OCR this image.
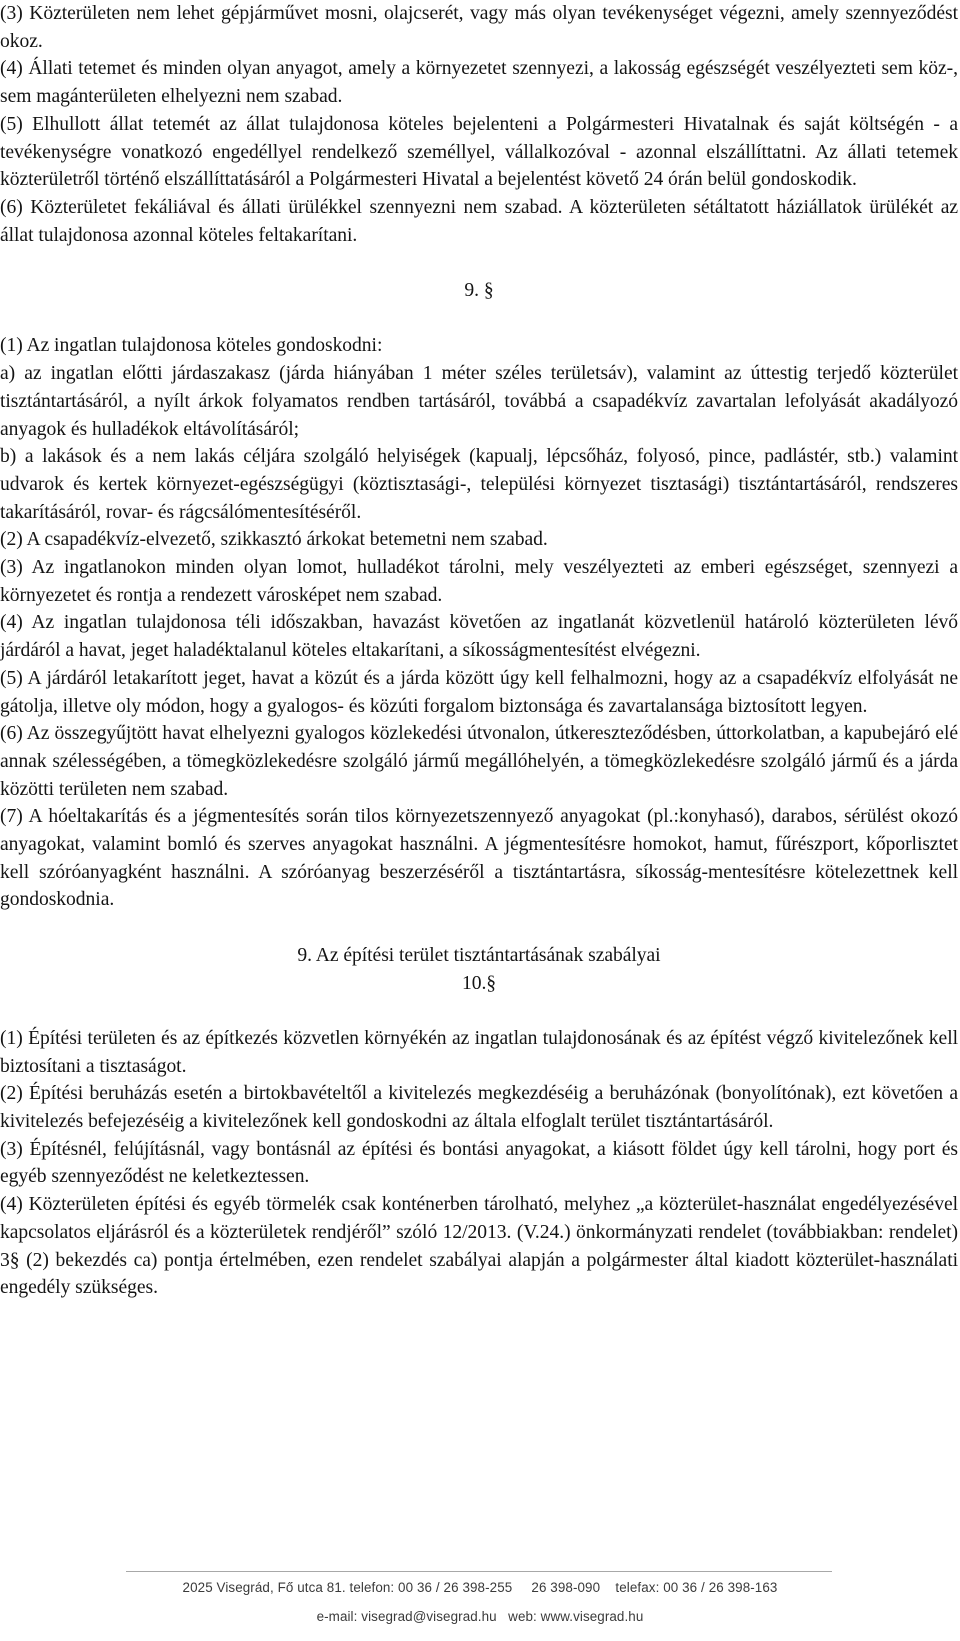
(3) Közterületen nem lehet gépjárművet mosni, olajcserét, vagy más olyan tevékenységet végezni, amely szennyeződést okoz.

(4) Állati tetemet és minden olyan anyagot, amely a környezetet szennyezi, a lakosság egészségét veszélyezteti sem köz-, sem magánterületen elhelyezni nem szabad.

(5) Elhullott állat tetemét az állat tulajdonosa köteles bejelenteni a Polgármesteri Hivatalnak és saját költségén - a tevékenységre vonatkozó engedéllyel rendelkező személlyel, vállalkozóval - azonnal elszállíttatni. Az állati tetemek közterületről történő elszállíttatásáról a Polgármesteri Hivatal a bejelentést követő 24 órán belül gondoskodik.

(6) Közterületet fekáliával és állati ürülékkel szennyezni nem szabad. A közterületen sétáltatott háziállatok ürülékét az állat tulajdonosa azonnal köteles feltakarítani.

9. §

(1) Az ingatlan tulajdonosa köteles gondoskodni:

a) az ingatlan előtti járdaszakasz (járda hiányában 1 méter széles területsáv), valamint az úttestig terjedő közterület tisztántartásáról, a nyílt árkok folyamatos rendben tartásáról, továbbá a csapadékvíz zavartalan lefolyását akadályozó anyagok és hulladékok eltávolításáról;

b) a lakások és a nem lakás céljára szolgáló helyiségek (kapualj, lépcsőház, folyosó, pince, padlástér, stb.) valamint udvarok és kertek környezet-egészségügyi (köztisztasági-, települési környezet tisztasági) tisztántartásáról, rendszeres takarításáról, rovar- és rágcsálómentesítéséről.

(2) A csapadékvíz-elvezető, szikkasztó árkokat betemetni nem szabad.

(3) Az ingatlanokon minden olyan lomot, hulladékot tárolni, mely veszélyezteti az emberi egészséget, szennyezi a környezetet és rontja a rendezett városképet nem szabad.

(4) Az ingatlan tulajdonosa téli időszakban, havazást követően az ingatlanát közvetlenül határoló közterületen lévő járdáról a havat, jeget haladéktalanul köteles eltakarítani, a síkosságmentesítést elvégezni.

(5) A járdáról letakarított jeget, havat a közút és a járda között úgy kell felhalmozni, hogy az a csapadékvíz elfolyását ne gátolja, illetve oly módon, hogy a gyalogos- és közúti forgalom biztonsága és zavartalansága biztosított legyen.

(6) Az összegyűjtött havat elhelyezni gyalogos közlekedési útvonalon, útkereszteződésben, úttorkolatban, a kapubejáró elé annak szélességében, a tömegközlekedésre szolgáló jármű megállóhelyén, a tömegközlekedésre szolgáló jármű és a járda közötti területen nem szabad.

(7) A hóeltakarítás és a jégmentesítés során tilos környezetszennyező anyagokat (pl.:konyhasó), darabos, sérülést okozó anyagokat, valamint bomló és szerves anyagokat használni. A jégmentesítésre homokot, hamut, fűrészport, kőporlisztet kell szóróanyagként használni. A szóróanyag beszerzéséről a tisztántartásra, síkosság-mentesítésre kötelezettnek kell gondoskodnia.

9. Az építési terület tisztántartásának szabályai

10.§

(1) Építési területen és az építkezés közvetlen környékén az ingatlan tulajdonosának és az építést végző kivitelezőnek kell biztosítani a tisztaságot.

(2) Építési beruházás esetén a birtokbavételtől a kivitelezés megkezdéséig a beruházónak (bonyolítónak), ezt követően a kivitelezés befejezéséig a kivitelezőnek kell gondoskodni az általa elfoglalt terület tisztántartásáról.

(3) Építésnél, felújításnál, vagy bontásnál az építési és bontási anyagokat, a kiásott földet úgy kell tárolni, hogy port és egyéb szennyeződést ne keletkeztessen.

(4) Közterületen építési és egyéb törmelék csak konténerben tárolható, melyhez „a közterület-használat engedélyezésével kapcsolatos eljárásról és a közterületek rendjéről” szóló 12/2013. (V.24.) önkormányzati rendelet (továbbiakban: rendelet) 3§ (2) bekezdés ca) pontja értelmében, ezen rendelet szabályai alapján a polgármester által kiadott közterület-használati engedély szükséges.

2025 Visegrád, Fő utca 81. telefon: 00 36 / 26 398-255     26 398-090    telefax: 00 36 / 26 398-163
e-mail: visegrad@visegrad.hu   web: www.visegrad.hu
